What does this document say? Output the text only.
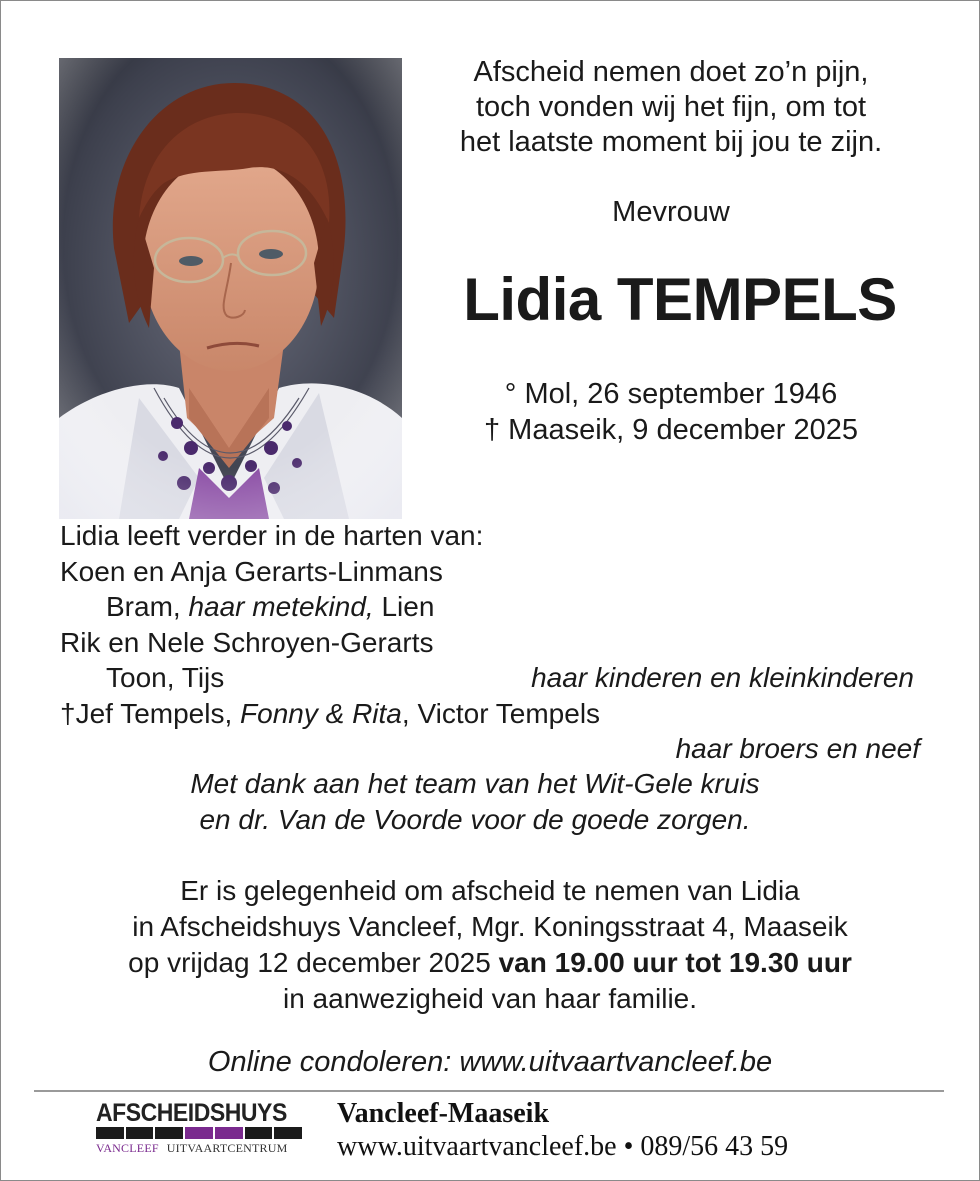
Afscheid nemen doet zo’n pijn,
toch vonden wij het fijn, om tot
het laatste moment bij jou te zijn.
Mevrouw
Lidia TEMPELS
° Mol, 26 september 1946
† Maaseik, 9 december 2025
Lidia leeft verder in de harten van:
Koen en Anja Gerarts-Linmans
Bram, haar metekind, Lien
Rik en Nele Schroyen-Gerarts
Toon, Tijs	haar kinderen en kleinkinderen
†Jef Tempels, Fonny & Rita, Victor Tempels
haar broers en neef
Met dank aan het team van het Wit-Gele kruis
en dr. Van de Voorde voor de goede zorgen.
Er is gelegenheid om afscheid te nemen van Lidia
in Afscheidshuys Vancleef, Mgr. Koningsstraat 4, Maaseik
op vrijdag 12 december 2025 van 19.00 uur tot 19.30 uur
in aanwezigheid van haar familie.
Online condoleren: www.uitvaartvancleef.be
AFSCHEIDSHUYS
VANCLEEF UITVAARTCENTRUM
Vancleef-Maaseik
www.uitvaartvancleef.be • 089/56 43 59
